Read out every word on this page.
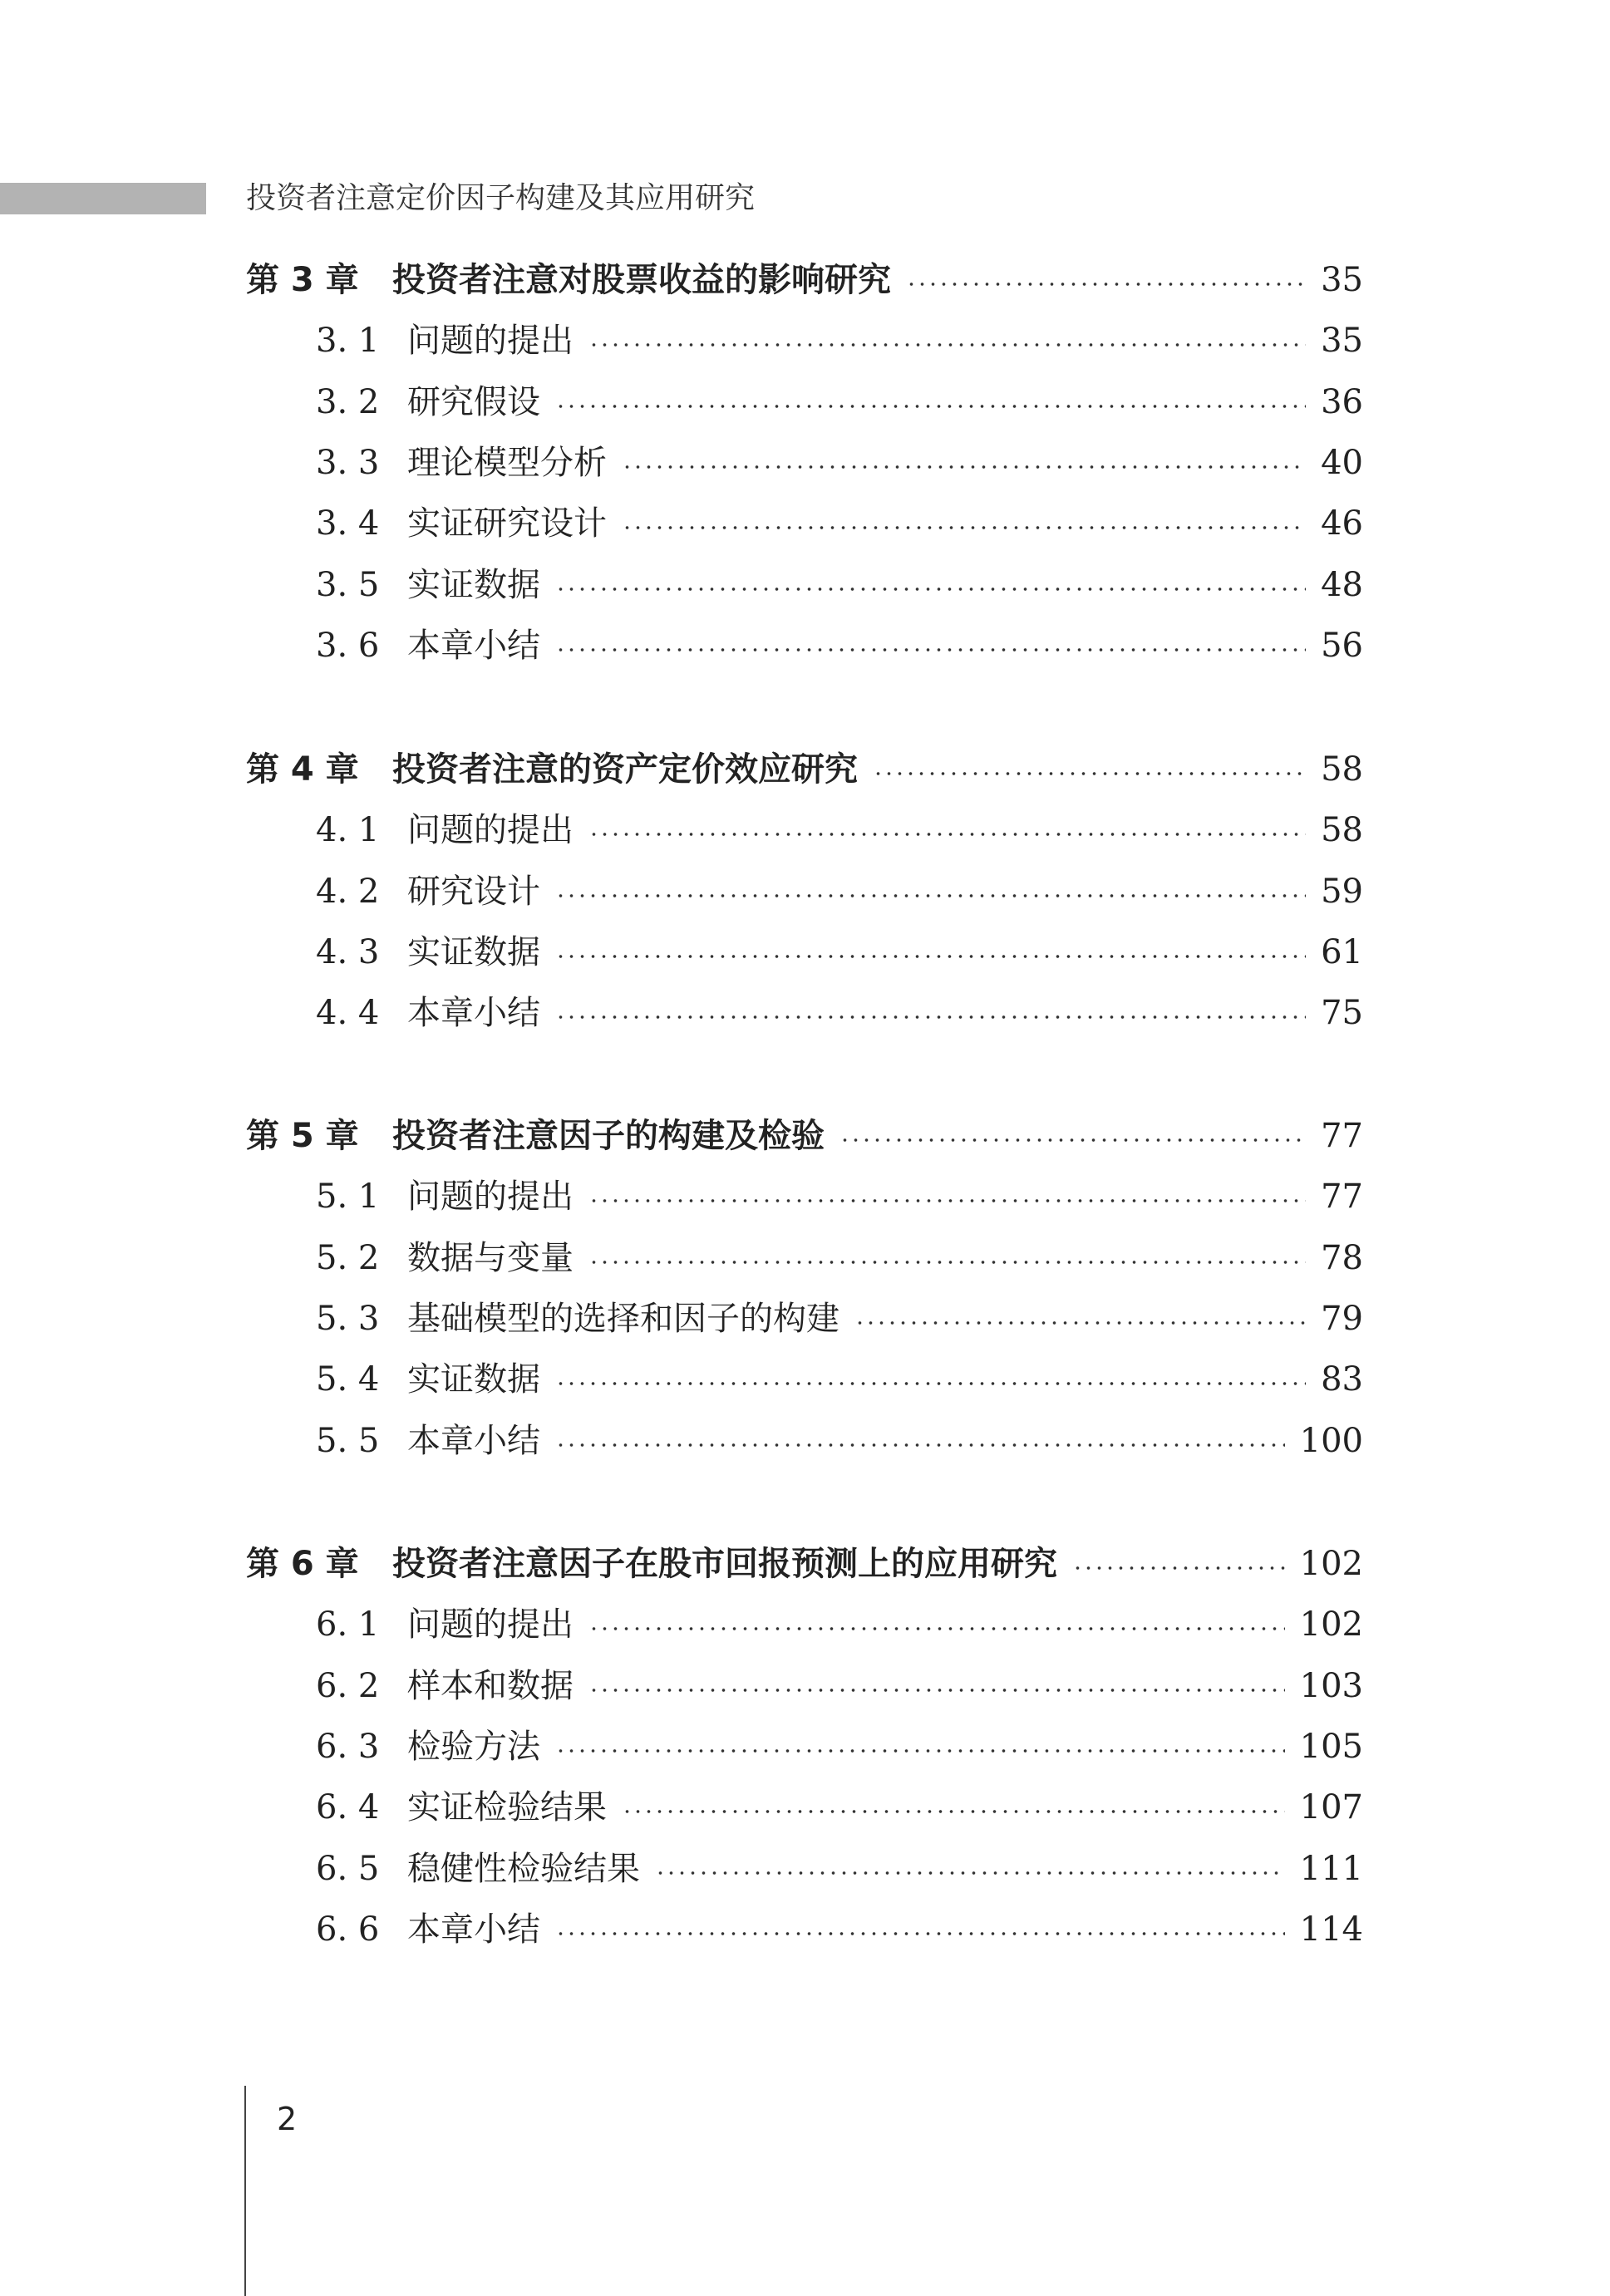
投资者注意定价因子构建及其应用研究
第 3 章	投资者注意对股票收益的影响研究	35
3. 1 问题的提出	35
3. 2 研究假设	36
3. 3 理论模型分析	40
3. 4 实证研究设计	46
3. 5 实证数据	48
3. 6 本章小结	56
第 4 章	投资者注意的资产定价效应研究	58
4. 1 问题的提出	58
4. 2 研究设计	59
4. 3 实证数据	61
4. 4 本章小结	75
第 5 章	投资者注意因子的构建及检验	77
5. 1 问题的提出	77
5. 2 数据与变量	78
5. 3 基础模型的选择和因子的构建	79
5. 4 实证数据	83
5. 5 本章小结	100
第 6 章	投资者注意因子在股市回报预测上的应用研究	102
6. 1 问题的提出	102
6. 2 样本和数据	103
6. 3 检验方法	105
6. 4 实证检验结果	107
6. 5 稳健性检验结果	111
6. 6 本章小结	114
2
